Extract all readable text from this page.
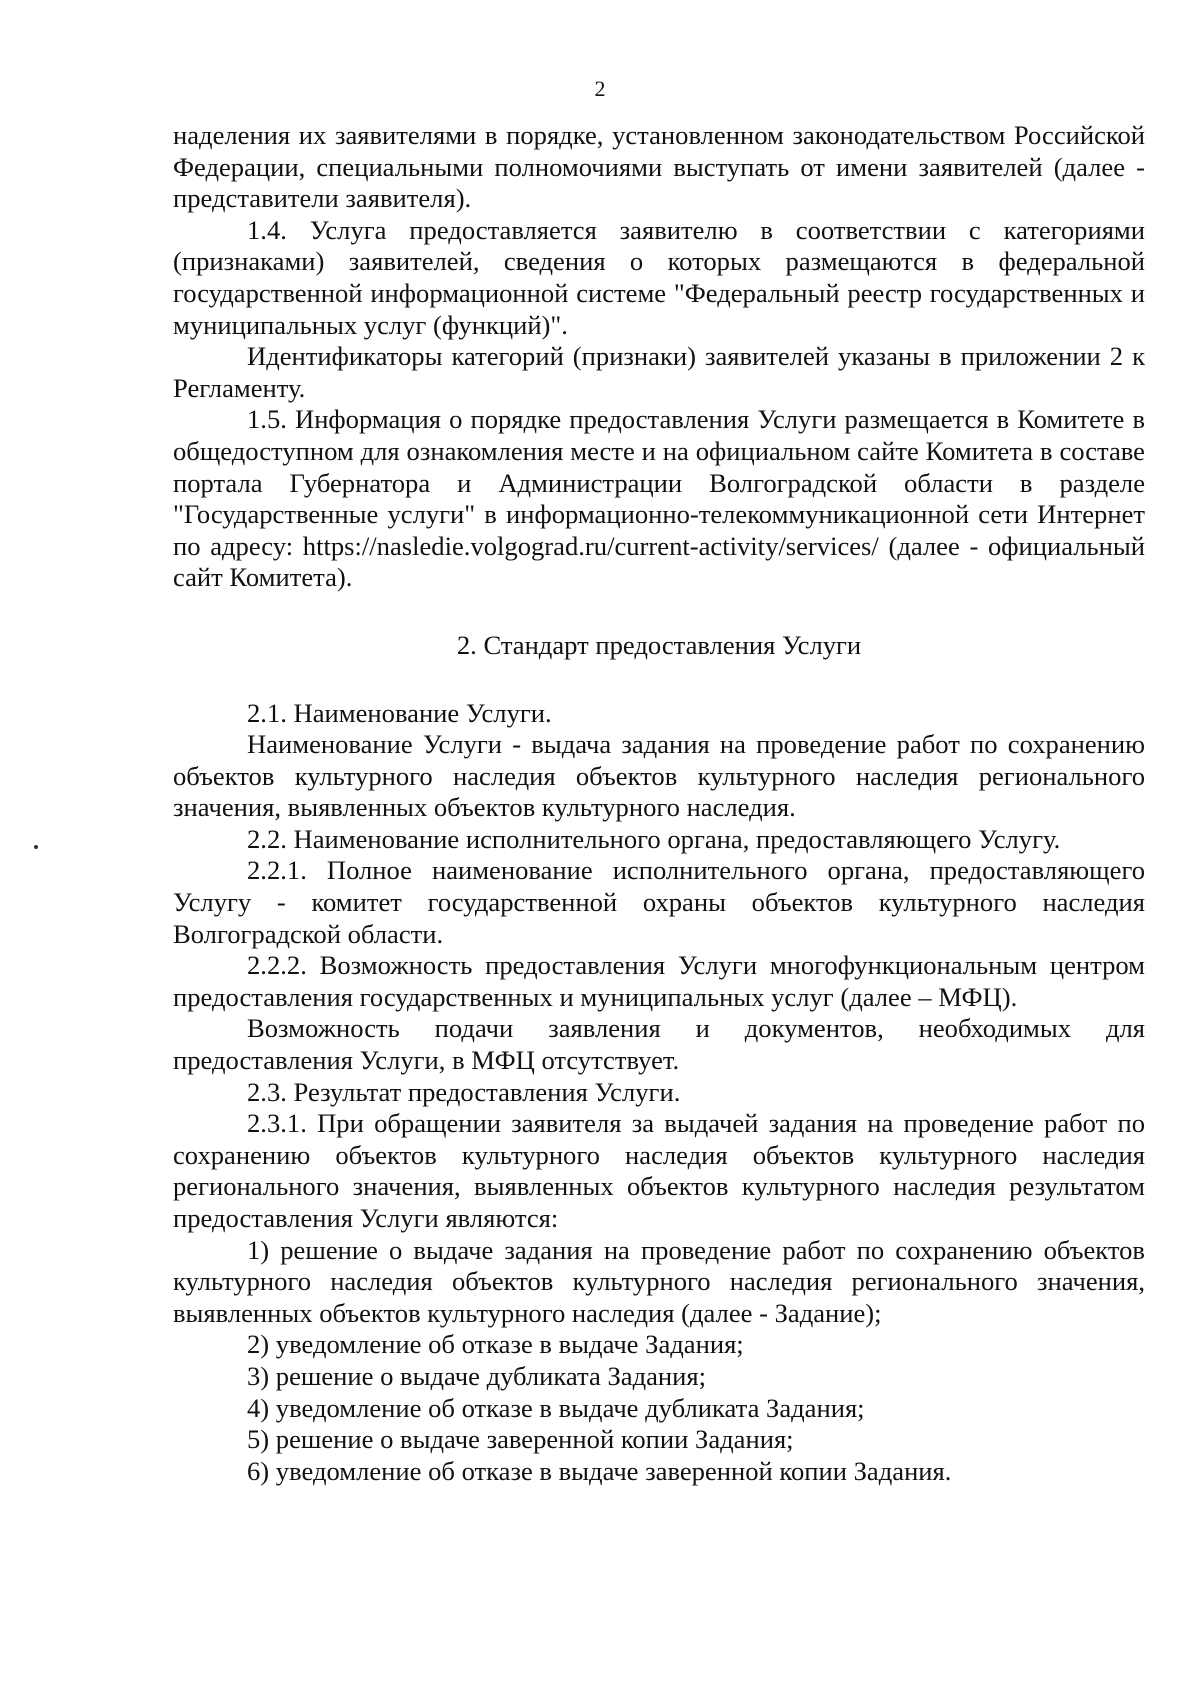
2

наделения их заявителями в порядке, установленном законодательством Российской Федерации, специальными полномочиями выступать от имени заявителей (далее - представители заявителя).

1.4. Услуга предоставляется заявителю в соответствии с категориями (признаками) заявителей, сведения о которых размещаются в федеральной государственной информационной системе "Федеральный реестр государственных и муниципальных услуг (функций)".

Идентификаторы категорий (признаки) заявителей указаны в приложении 2 к Регламенту.

1.5. Информация о порядке предоставления Услуги размещается в Комитете в общедоступном для ознакомления месте и на официальном сайте Комитета в составе портала Губернатора и Администрации Волгоградской области в разделе "Государственные услуги" в информационно-телекоммуникационной сети Интернет по адресу: https://nasledie.volgograd.ru/current-activity/services/ (далее - официальный сайт Комитета).

2. Стандарт предоставления Услуги

2.1. Наименование Услуги.

Наименование Услуги - выдача задания на проведение работ по сохранению объектов культурного наследия объектов культурного наследия регионального значения, выявленных объектов культурного наследия.

2.2. Наименование исполнительного органа, предоставляющего Услугу.

2.2.1. Полное наименование исполнительного органа, предоставляющего Услугу - комитет государственной охраны объектов культурного наследия Волгоградской области.

2.2.2. Возможность предоставления Услуги многофункциональным центром предоставления государственных и муниципальных услуг (далее – МФЦ).

Возможность подачи заявления и документов, необходимых для предоставления Услуги, в МФЦ отсутствует.

2.3. Результат предоставления Услуги.

2.3.1. При обращении заявителя за выдачей задания на проведение работ по сохранению объектов культурного наследия объектов культурного наследия регионального значения, выявленных объектов культурного наследия результатом предоставления Услуги являются:

1) решение о выдаче задания на проведение работ по сохранению объектов культурного наследия объектов культурного наследия регионального значения, выявленных объектов культурного наследия (далее - Задание);

2) уведомление об отказе в выдаче Задания;

3) решение о выдаче дубликата Задания;

4) уведомление об отказе в выдаче дубликата Задания;

5) решение о выдаче заверенной копии Задания;

6) уведомление об отказе в выдаче заверенной копии Задания.
